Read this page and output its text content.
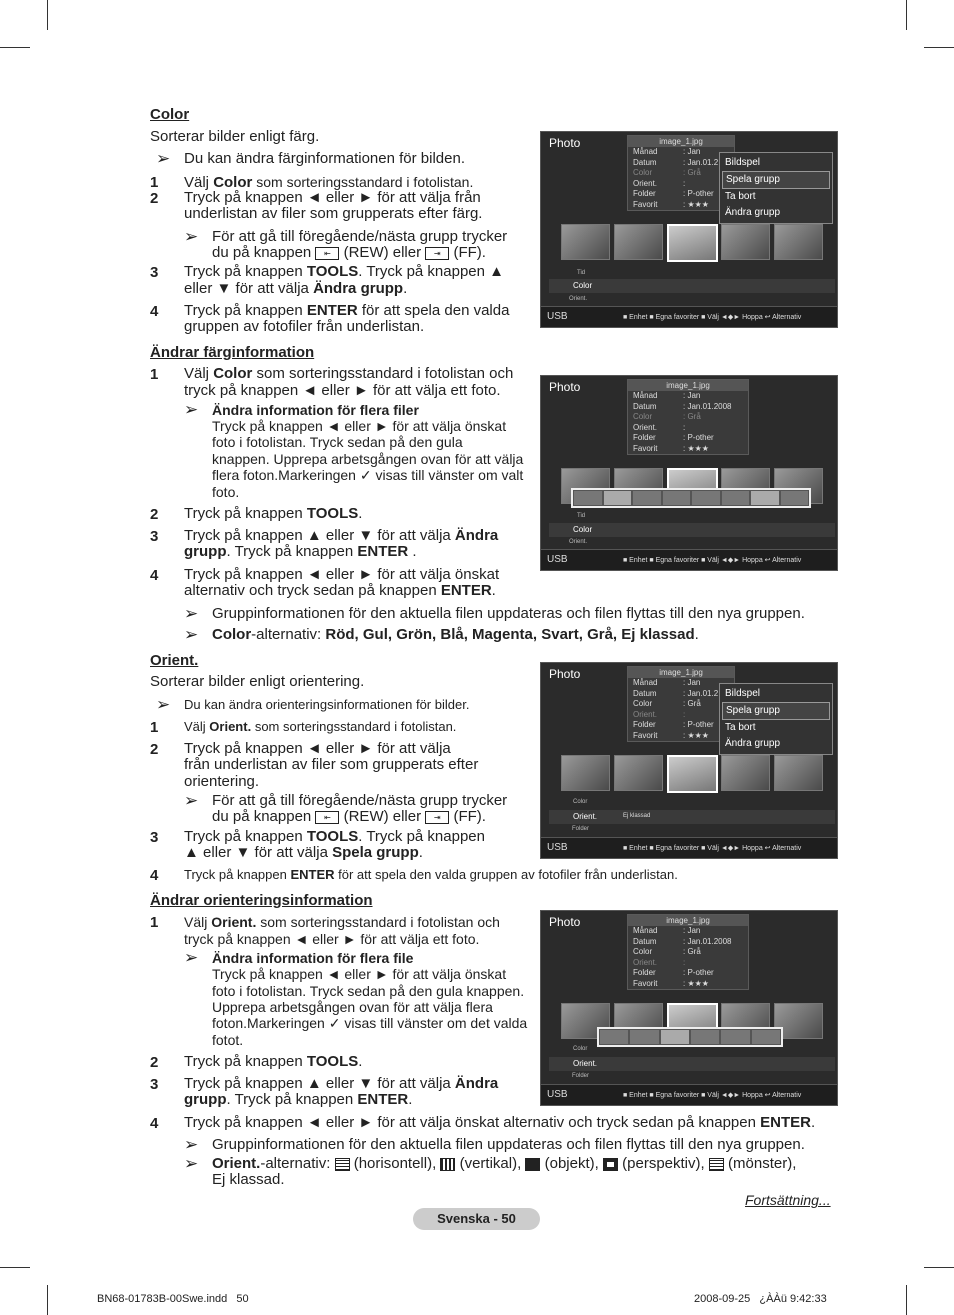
Color
Sorterar bilder enligt färg.
➢ Du kan ändra färginformationen för bilden.
1 Välj Color som sorteringsstandard i fotolistan.
2 Tryck på knappen ◄ eller ► för att välja från
underlistan av filer som grupperats efter färg.
➢ För att gå till föregående/nästa grupp trycker
du på knappen ⇤ (REW) eller ⇥ (FF).
3 Tryck på knappen TOOLS. Tryck på knappen ▲
eller ▼ för att välja Ändra grupp.
4 Tryck på knappen ENTER för att spela den valda
gruppen av fotofiler från underlistan.
Photo	image_1.jpg
Månad	: Jan
Datum	: Jan.01.2
Color	: Grå
Orient.	:
Folder	: P-other
Favorit	: ★★★
Bildspel
Spela grupp
Ta bort
Ändra grupp
Tid
Color
Orient.
USB	■ Enhet ■ Egna favoriter ■ Välj ◄◆► Hoppa ↩ Alternativ
Ändrar färginformation
1 Välj Color som sorteringsstandard i fotolistan och
tryck på knappen ◄ eller ► för att välja ett foto.
➢ Ändra information för flera filer
Tryck på knappen ◄ eller ► för att välja önskat
foto i fotolistan. Tryck sedan på den gula
knappen. Upprepa arbetsgången ovan för att välja
flera foton.Markeringen ✓ visas till vänster om valt
foto.
2 Tryck på knappen TOOLS.
3 Tryck på knappen ▲ eller ▼ för att välja Ändra
grupp. Tryck på knappen ENTER .
4 Tryck på knappen ◄ eller ► för att välja önskat
alternativ och tryck sedan på knappen ENTER.
➢ Gruppinformationen för den aktuella filen uppdateras och filen flyttas till den nya gruppen.
➢ Color-alternativ: Röd, Gul, Grön, Blå, Magenta, Svart, Grå, Ej klassad.
Photo	image_1.jpg
Månad	: Jan
Datum	: Jan.01.2008
Color	: Grå
Orient.	:
Folder	: P-other
Favorit	: ★★★
Tid
Color
Orient.
USB	■ Enhet ■ Egna favoriter ■ Välj ◄◆► Hoppa ↩ Alternativ
Orient.
Sorterar bilder enligt orientering.
➢ Du kan ändra orienteringsinformationen för bilder.
1 Välj Orient. som sorteringsstandard i fotolistan.
2 Tryck på knappen ◄ eller ► för att välja
från underlistan av filer som grupperats efter
orientering.
➢ För att gå till föregående/nästa grupp trycker
du på knappen ⇤ (REW) eller ⇥ (FF).
3 Tryck på knappen TOOLS. Tryck på knappen
▲ eller ▼ för att välja Spela grupp.
4 Tryck på knappen ENTER för att spela den valda gruppen av fotofiler från underlistan.
Photo	image_1.jpg
Månad	: Jan
Datum	: Jan.01.2
Color	: Grå
Orient.	:
Folder	: P-other
Favorit	: ★★★
Bildspel
Spela grupp
Ta bort
Ändra grupp
Color
Orient.	Ej klassad
Folder
USB	■ Enhet ■ Egna favoriter ■ Välj ◄◆► Hoppa ↩ Alternativ
Ändrar orienteringsinformation
1 Välj Orient. som sorteringsstandard i fotolistan och
tryck på knappen ◄ eller ► för att välja ett foto.
➢ Ändra information för flera file
Tryck på knappen ◄ eller ► för att välja önskat
foto i fotolistan. Tryck sedan på den gula knappen.
Upprepa arbetsgången ovan för att välja flera
foton.Markeringen ✓ visas till vänster om det valda
fotot.
2 Tryck på knappen TOOLS.
3 Tryck på knappen ▲ eller ▼ för att välja Ändra
grupp. Tryck på knappen ENTER.
4 Tryck på knappen ◄ eller ► för att välja önskat alternativ och tryck sedan på knappen ENTER.
➢ Gruppinformationen för den aktuella filen uppdateras och filen flyttas till den nya gruppen.
➢ Orient.-alternativ:  (horisontell), (vertikal), (objekt), (perspektiv), (mönster),
Ej klassad.
Photo	image_1.jpg
Månad	: Jan
Datum	: Jan.01.2008
Color	: Grå
Orient.	:
Folder	: P-other
Favorit	: ★★★
Color
Orient.
Folder
USB	■ Enhet ■ Egna favoriter ■ Välj ◄◆► Hoppa ↩ Alternativ
Fortsättning...
Svenska - 50
BN68-01783B-00Swe.indd   50	2008-09-25   ¿ÀÀü 9:42:33
